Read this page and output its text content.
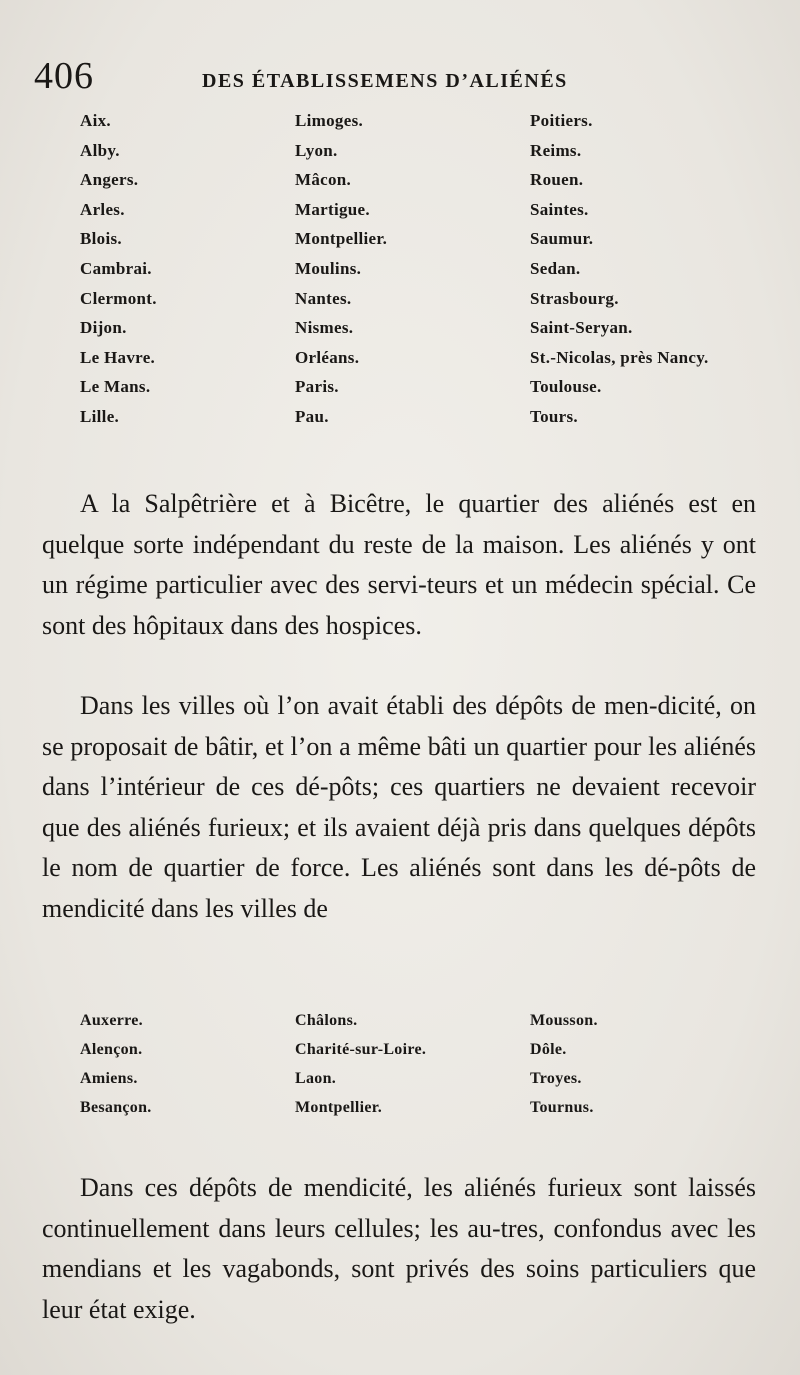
406	DES ÉTABLISSEMENS D’ALIÉNÉS
Aix.	Limoges.	Poitiers.
Alby.	Lyon.	Reims.
Angers.	Mâcon.	Rouen.
Arles.	Martigue.	Saintes.
Blois.	Montpellier.	Saumur.
Cambrai.	Moulins.	Sedan.
Clermont.	Nantes.	Strasbourg.
Dijon.	Nismes.	Saint-Seryan.
Le Havre.	Orléans.	St.-Nicolas, près Nancy.
Le Mans.	Paris.	Toulouse.
Lille.	Pau.	Tours.

A la Salpêtrière et à Bicêtre, le quartier des aliénés est en quelque sorte indépendant du reste de la maison. Les aliénés y ont un régime particulier avec des servi-teurs et un médecin spécial. Ce sont des hôpitaux dans des hospices.

Dans les villes où l’on avait établi des dépôts de men-dicité, on se proposait de bâtir, et l’on a même bâti un quartier pour les aliénés dans l’intérieur de ces dé-pôts; ces quartiers ne devaient recevoir que des aliénés furieux; et ils avaient déjà pris dans quelques dépôts le nom de quartier de force. Les aliénés sont dans les dé-pôts de mendicité dans les villes de

Auxerre.	Châlons.	Mousson.
Alençon.	Charité-sur-Loire.	Dôle.
Amiens.	Laon.	Troyes.
Besançon.	Montpellier.	Tournus.

Dans ces dépôts de mendicité, les aliénés furieux sont laissés continuellement dans leurs cellules; les au-tres, confondus avec les mendians et les vagabonds, sont privés des soins particuliers que leur état exige.
